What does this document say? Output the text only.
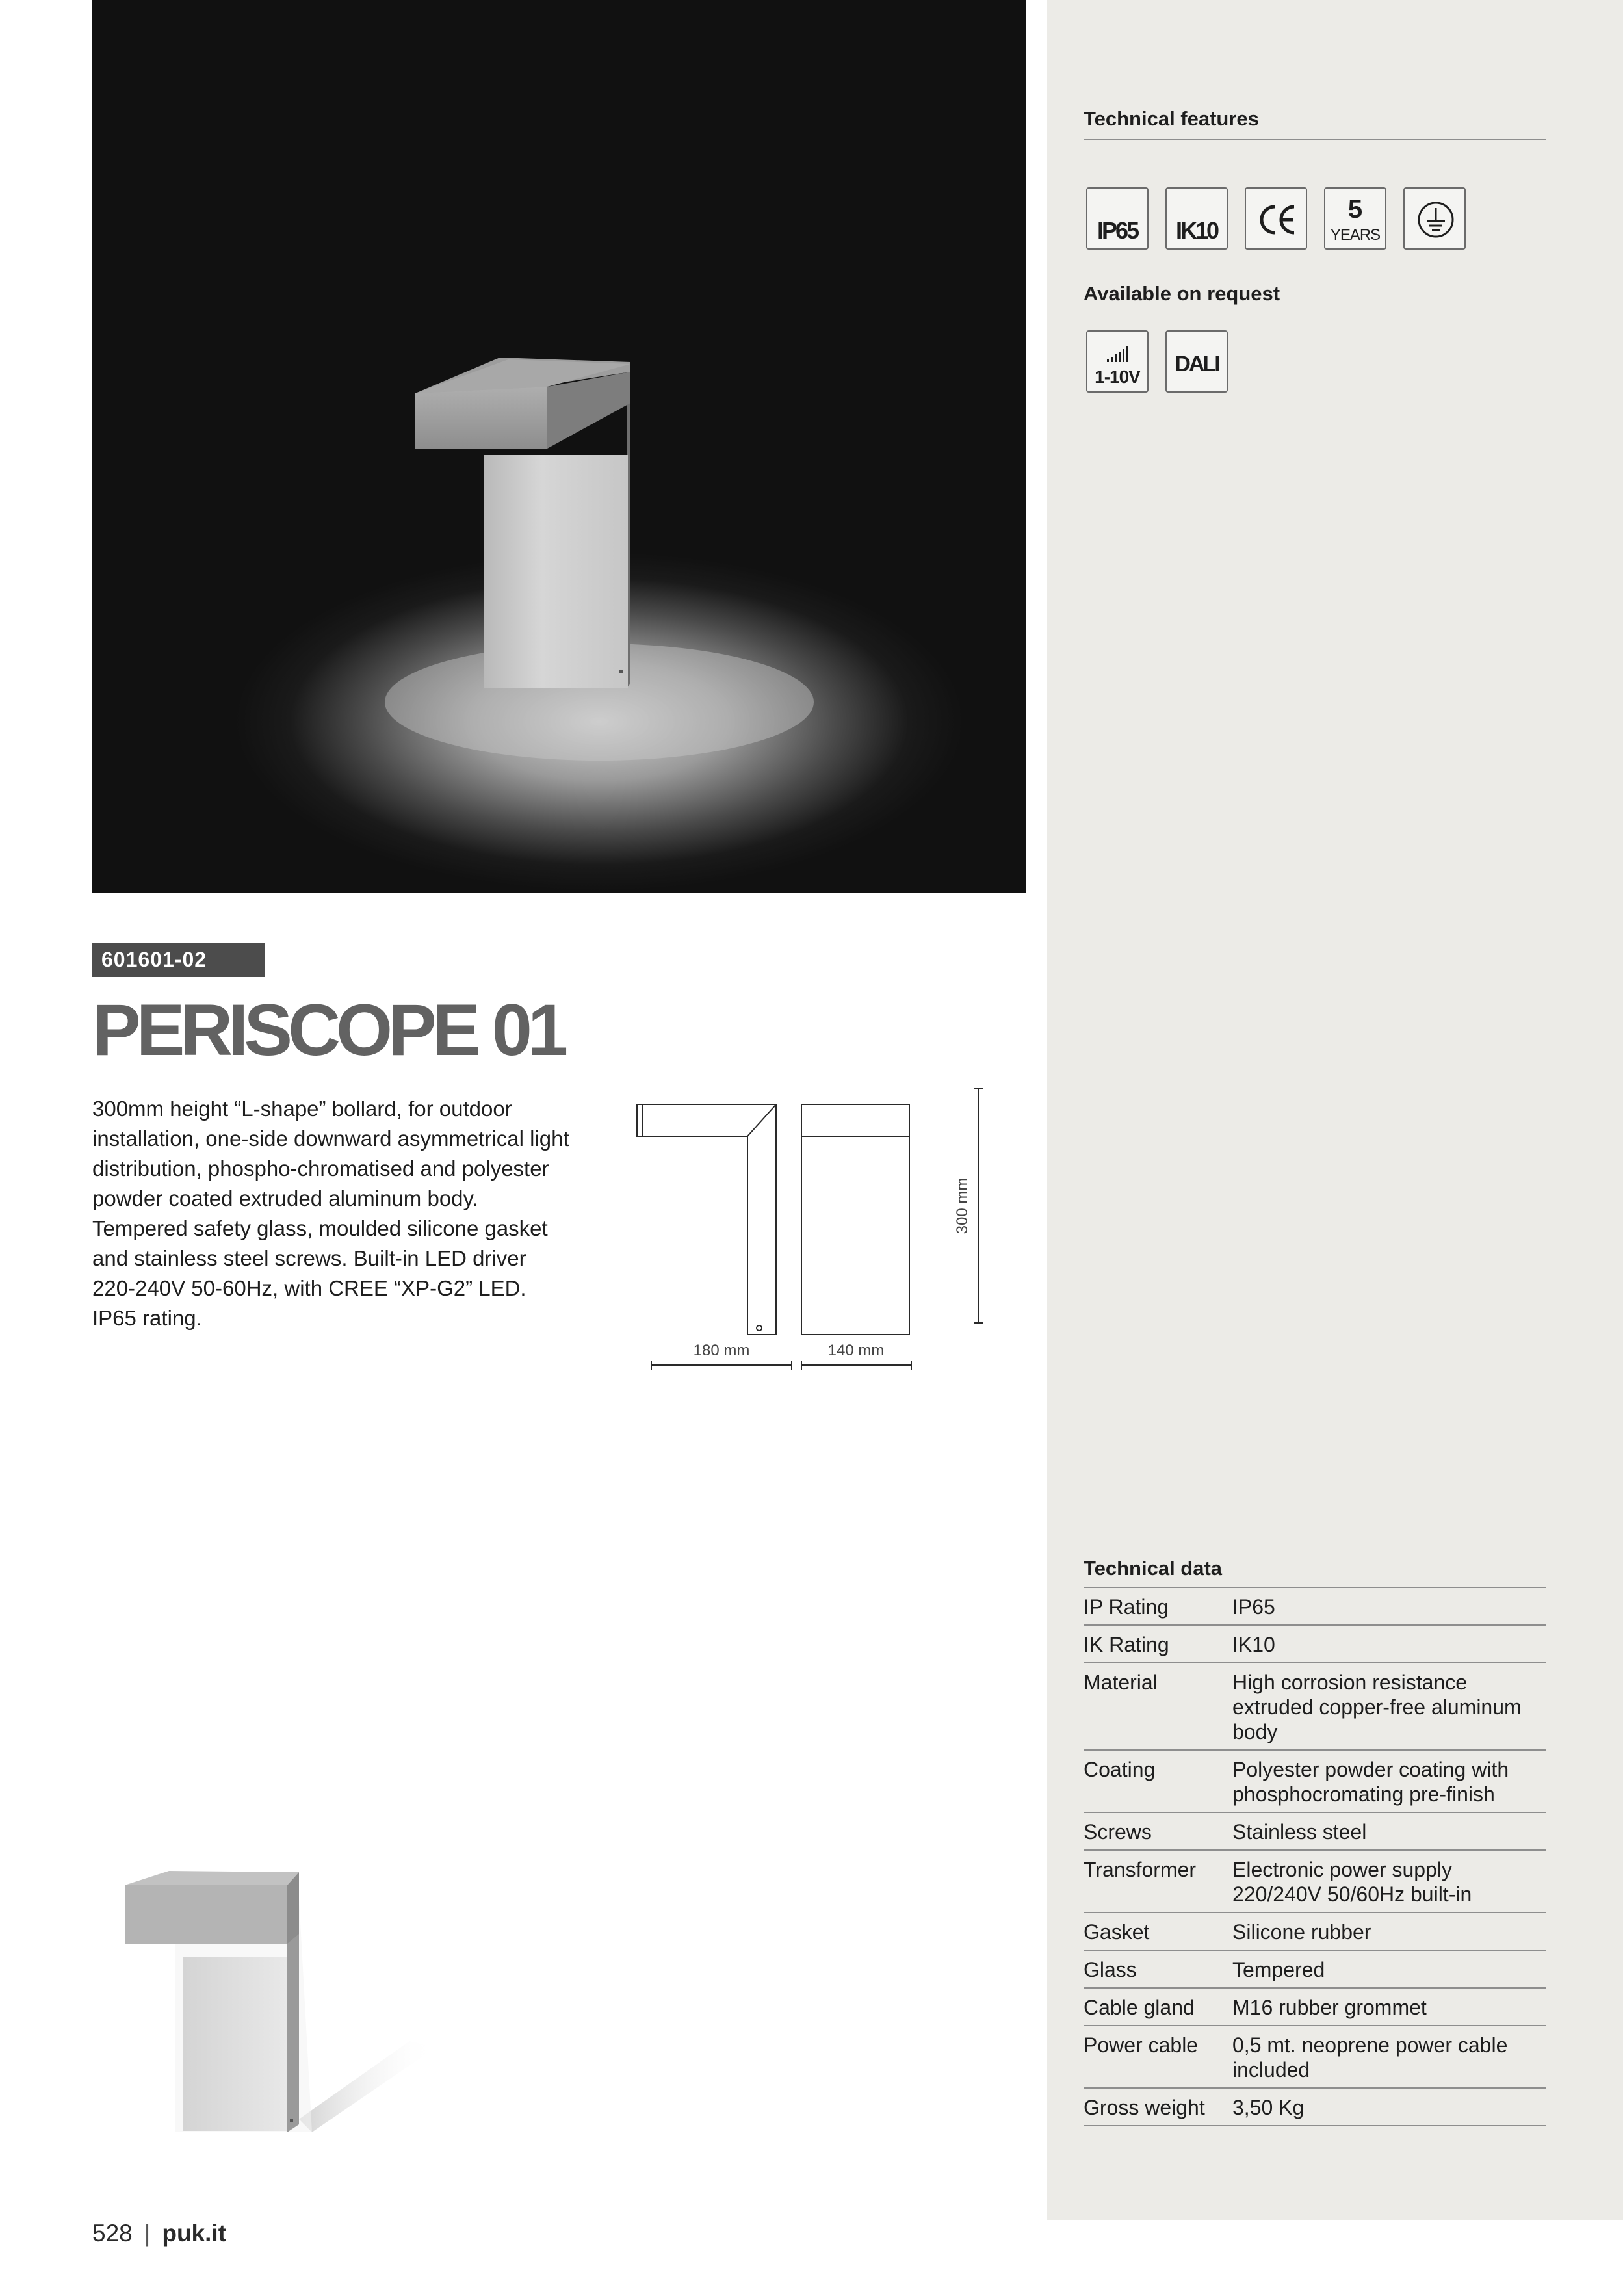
601601-02
PERISCOPE 01
300mm height “L-shape” bollard, for outdoor installation, one-side downward asymmetrical light distribution, phospho-chromatised and polyester powder coated extruded aluminum body. Tempered safety glass, moulded silicone gasket and stainless steel screws. Built-in LED driver 220-240V 50-60Hz, with CREE “XP-G2” LED. IP65 rating.
300 mm
180 mm	140 mm
Technical features
IP65 IK10
5
YEARS
Available on request
1-10V
DALI
Technical data
IP Rating	IP65
IK Rating	IK10
Material	High corrosion resistance extruded copper-free aluminum body
Coating	Polyester powder coating with phosphocromating pre-finish
Screws	Stainless steel
Transformer	Electronic power supply 220/240V 50/60Hz built-in
Gasket	Silicone rubber
Glass	Tempered
Cable gland	M16 rubber grommet
Power cable	0,5 mt. neoprene power cable included
Gross weight	3,50 Kg
528 | puk.it
